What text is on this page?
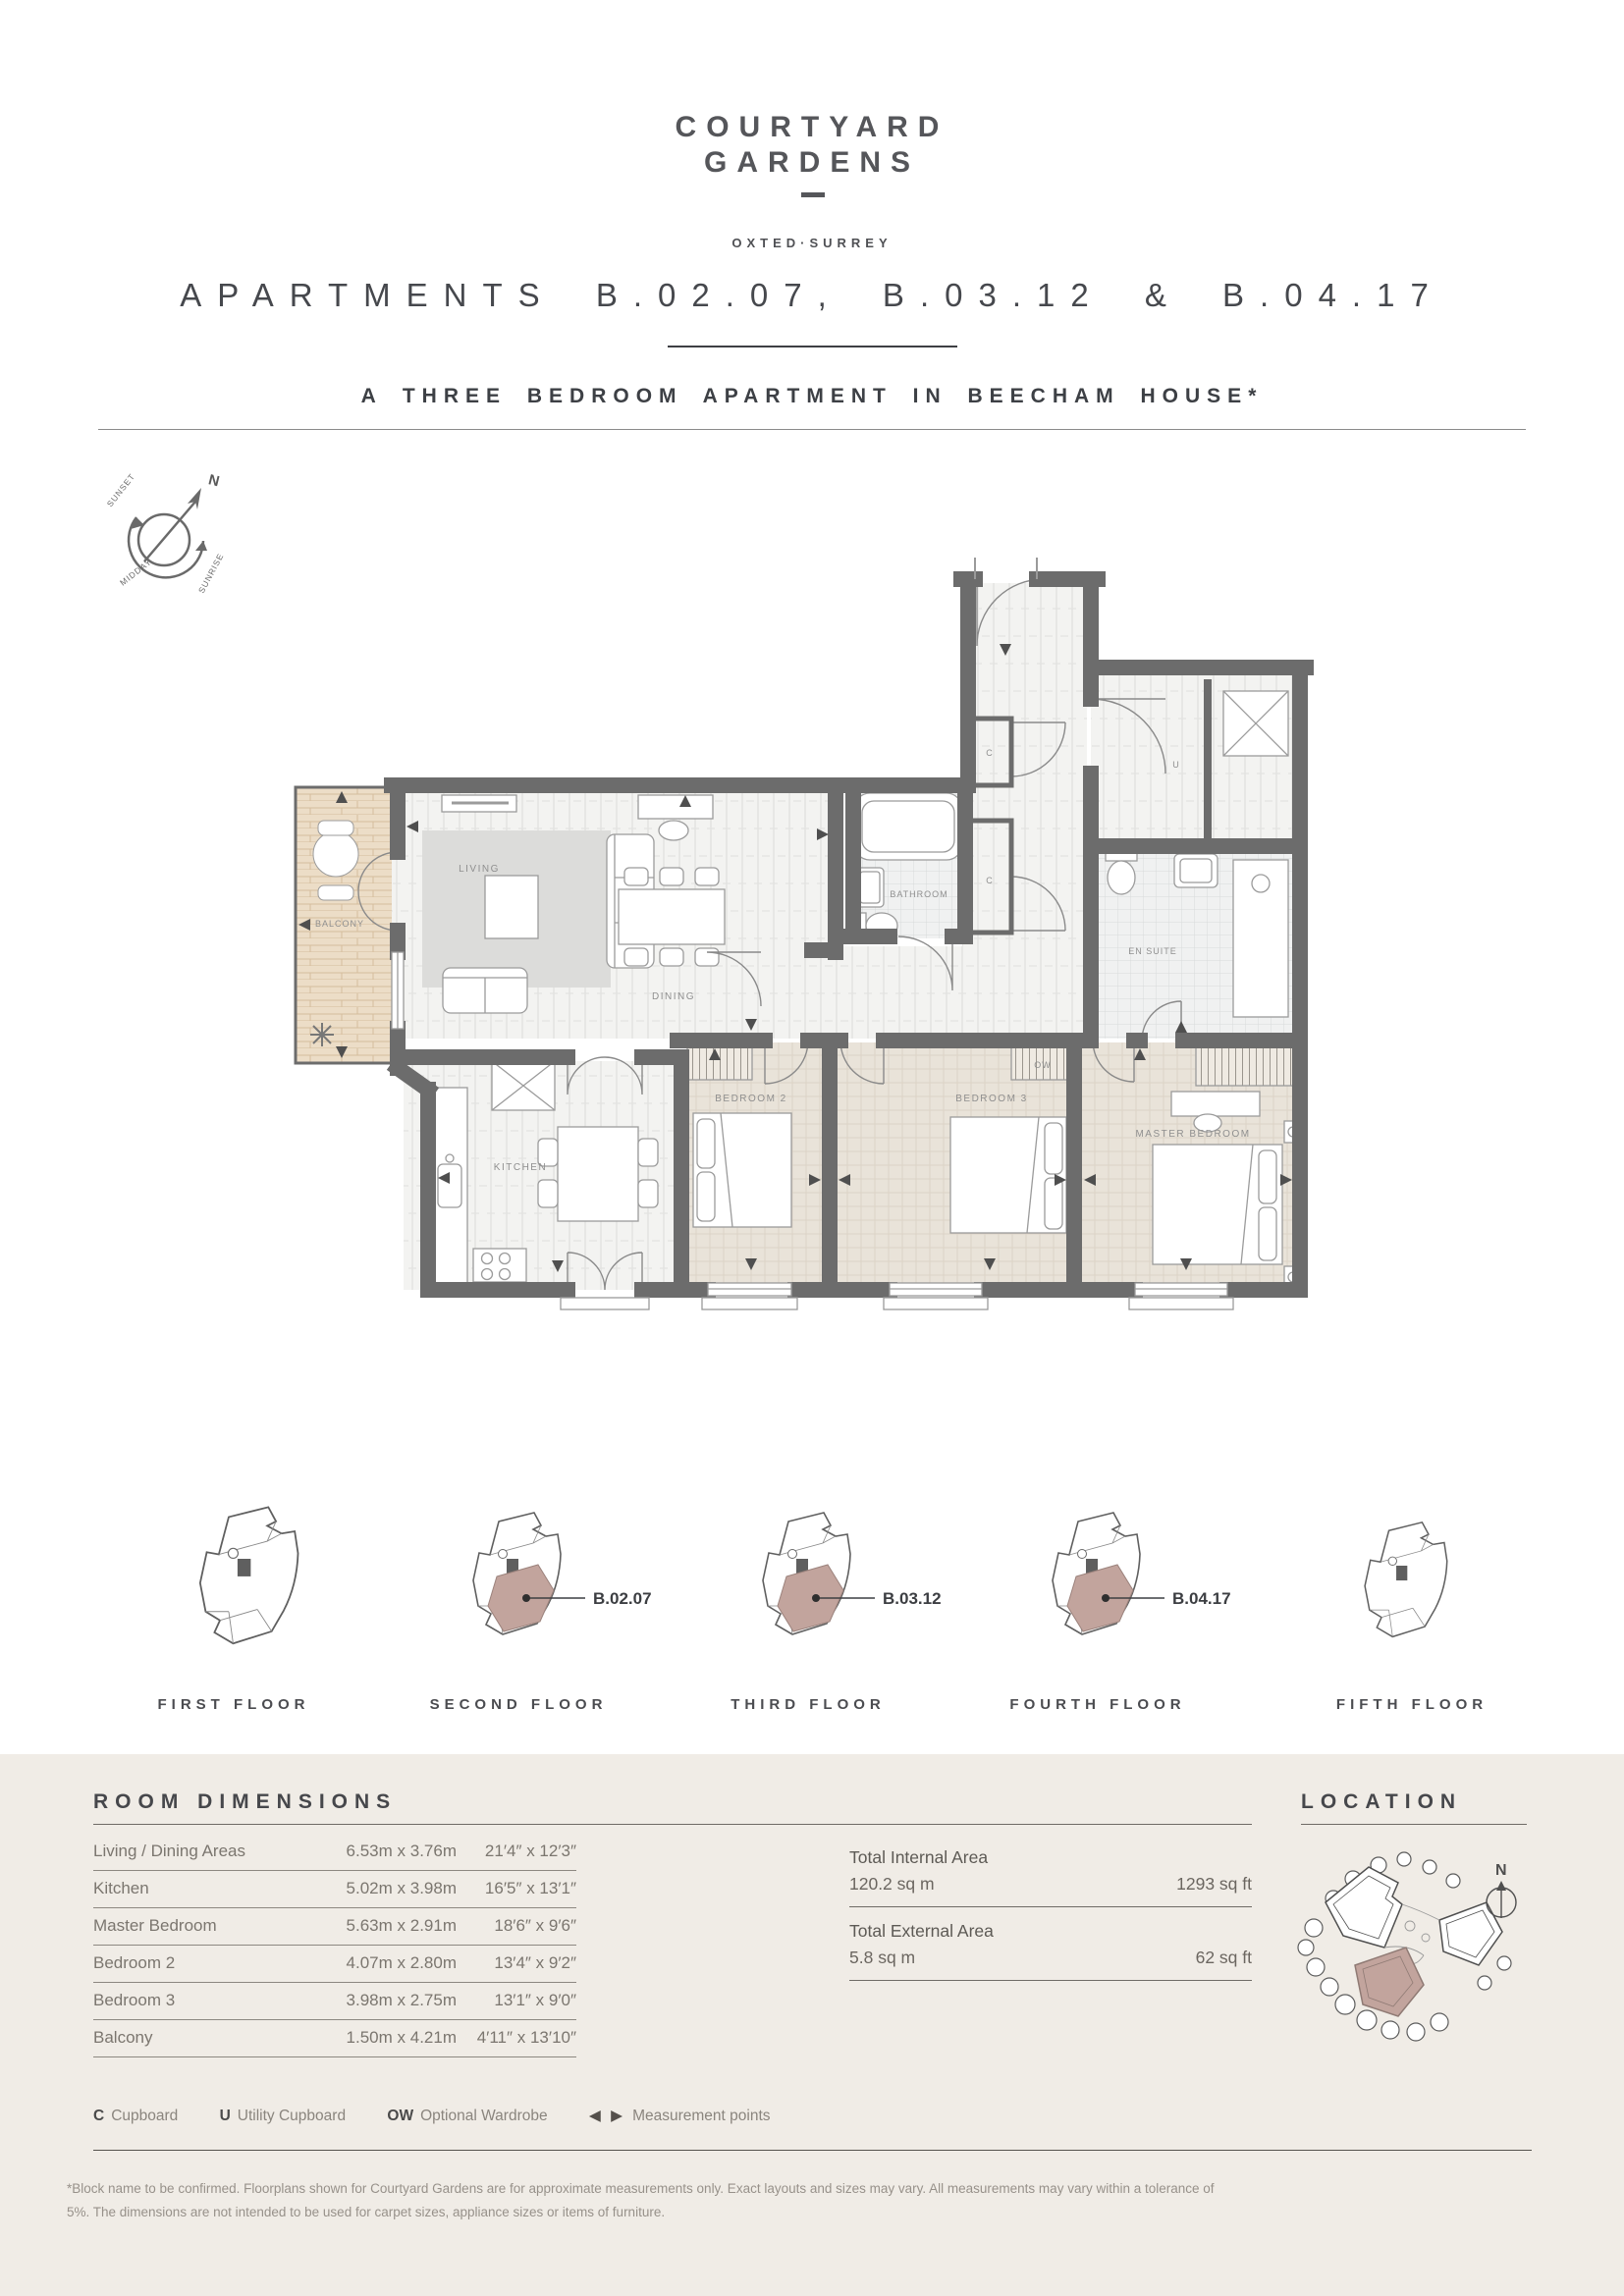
COURTYARD
GARDENS
OXTED·SURREY
APARTMENTS B.02.07, B.03.12 & B.04.17
A THREE BEDROOM APARTMENT IN BEECHAM HOUSE*
N
SUNSET
MIDDAY	SUNRISE
LIVING
DINING
BALCONY
KITCHEN
BATHROOM
EN SUITE
BEDROOM 2	BEDROOM 3
MASTER BEDROOM
U
C
C
OW
B.02.07	B.03.12	B.04.17
FIRST FLOOR	SECOND FLOOR	THIRD FLOOR	FOURTH FLOOR	FIFTH FLOOR
ROOM DIMENSIONS	LOCATION
Living / Dining Areas	6.53m x 3.76m	21′4″ x 12′3″
Kitchen	5.02m x 3.98m	16′5″ x 13′1″
Master Bedroom	5.63m x 2.91m	18′6″ x 9′6″
Bedroom 2	4.07m x 2.80m	13′4″ x 9′2″
Bedroom 3	3.98m x 2.75m	13′1″ x 9′0″
Balcony	1.50m x 4.21m	4′11″ x 13′10″
Total Internal Area
120.2 sq m	1293 sq ft
Total External Area
5.8 sq m	62 sq ft
N
C Cupboard	U Utility Cupboard	OW Optional Wardrobe	◀ ▶ Measurement points
*Block name to be confirmed. Floorplans shown for Courtyard Gardens are for approximate measurements only. Exact layouts and sizes may vary. All measurements may vary within a tolerance of
5%. The dimensions are not intended to be used for carpet sizes, appliance sizes or items of furniture.
